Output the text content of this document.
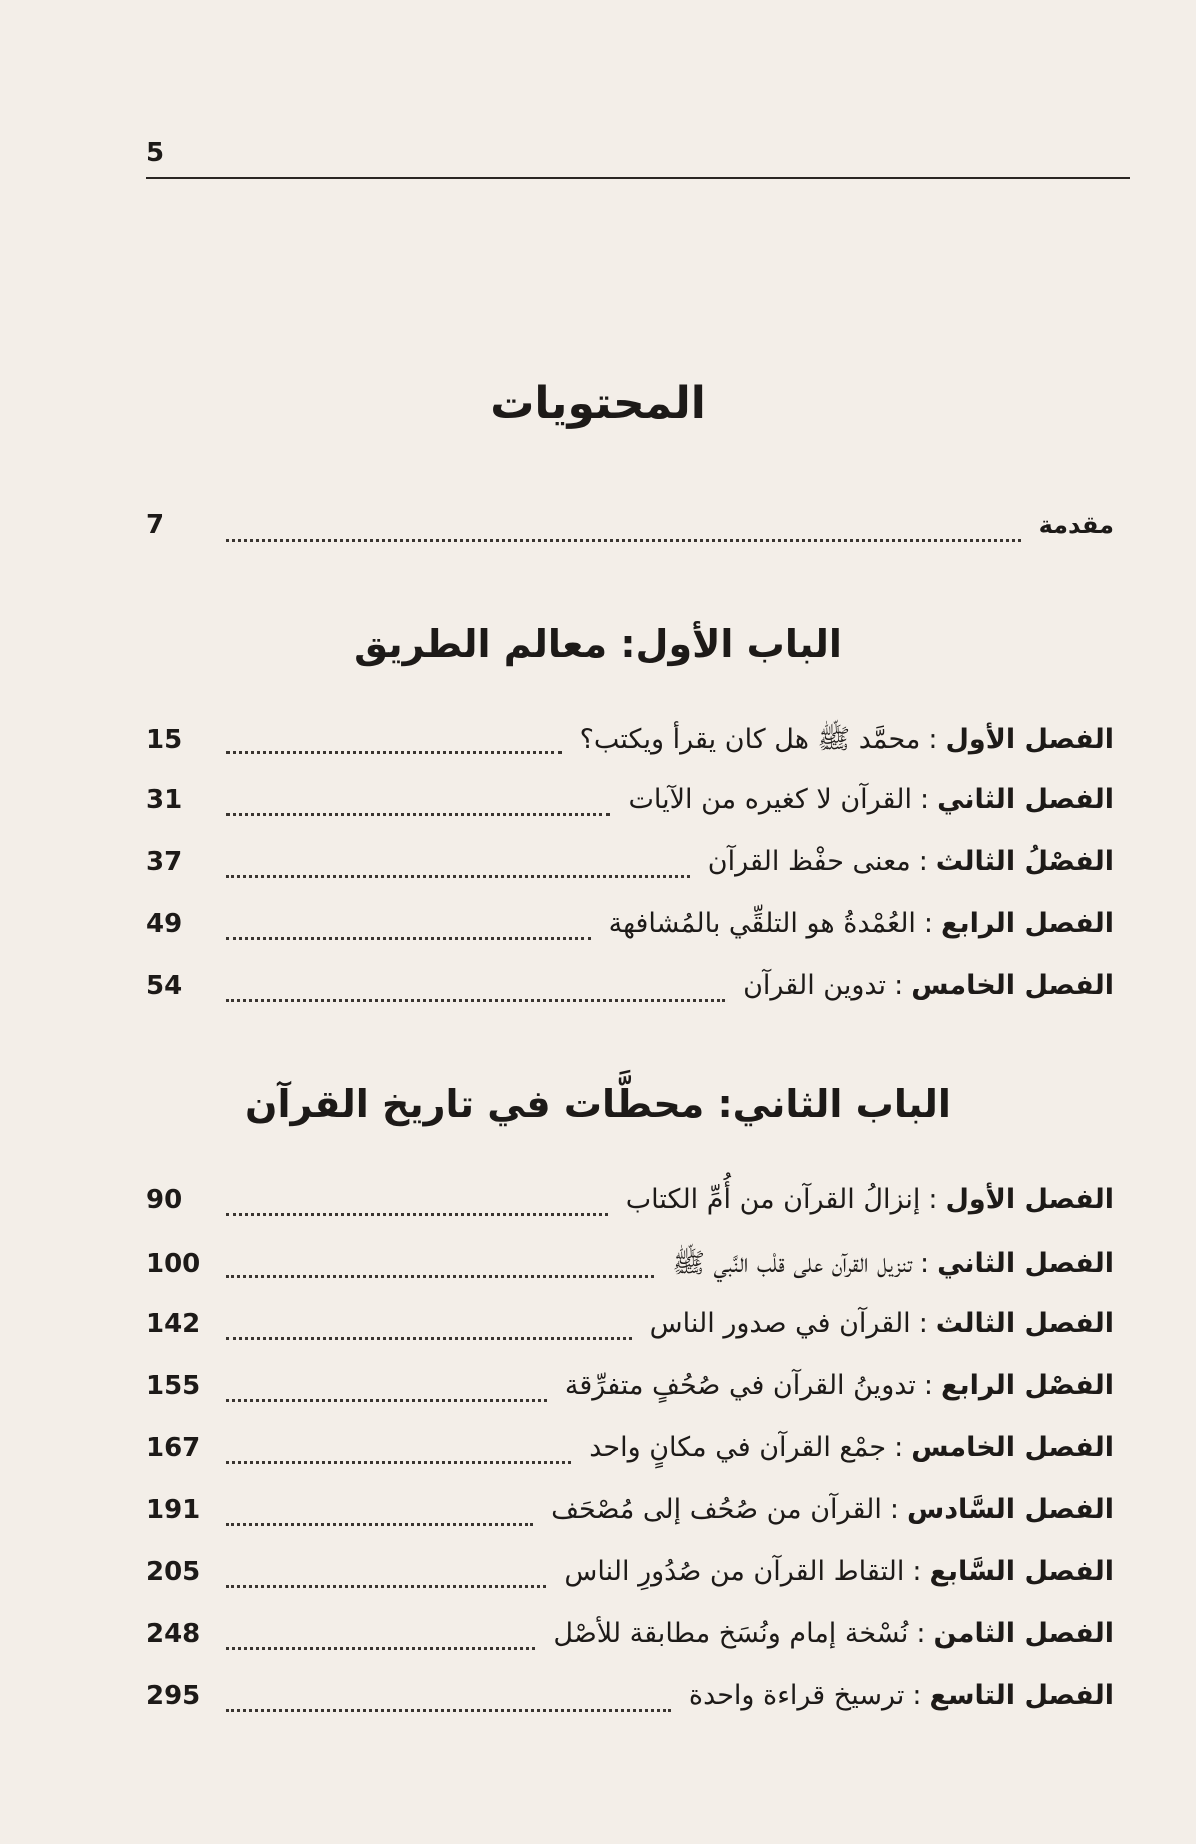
5
المحتويات
مقدمة
7
الباب الأول: معالم الطريق
الفصل الأول
:
محمَّد ﷺ هل كان يقرأ ويكتب؟
15
الفصل الثاني
:
القرآن لا كغيره من الآيات
31
الفصْلُ الثالث
:
معنى حفْظ القرآن
37
الفصل الرابع
:
العُمْدةُ هو التلقِّي بالمُشافهة
49
الفصل الخامس
:
تدوين القرآن
54
الباب الثاني: محطَّات في تاريخ القرآن
الفصل الأول
:
إنزالُ القرآن من أُمِّ الكتاب
90
الفصل الثاني
:
تنزيل القرآن على قلْب النَّبي ﷺ
100
الفصل الثالث
:
القرآن في صدور الناس
142
الفصْل الرابع
:
تدوينُ القرآن في صُحُفٍ متفرِّقة
155
الفصل الخامس
:
جمْع القرآن في مكانٍ واحد
167
الفصل السَّادس
:
القرآن من صُحُف إلى مُصْحَف
191
الفصل السَّابع
:
التقاط القرآن من صُدُورِ الناس
205
الفصل الثامن
:
نُسْخة إمام ونُسَخ مطابقة للأصْل
248
الفصل التاسع
:
ترسيخ قراءة واحدة
295
